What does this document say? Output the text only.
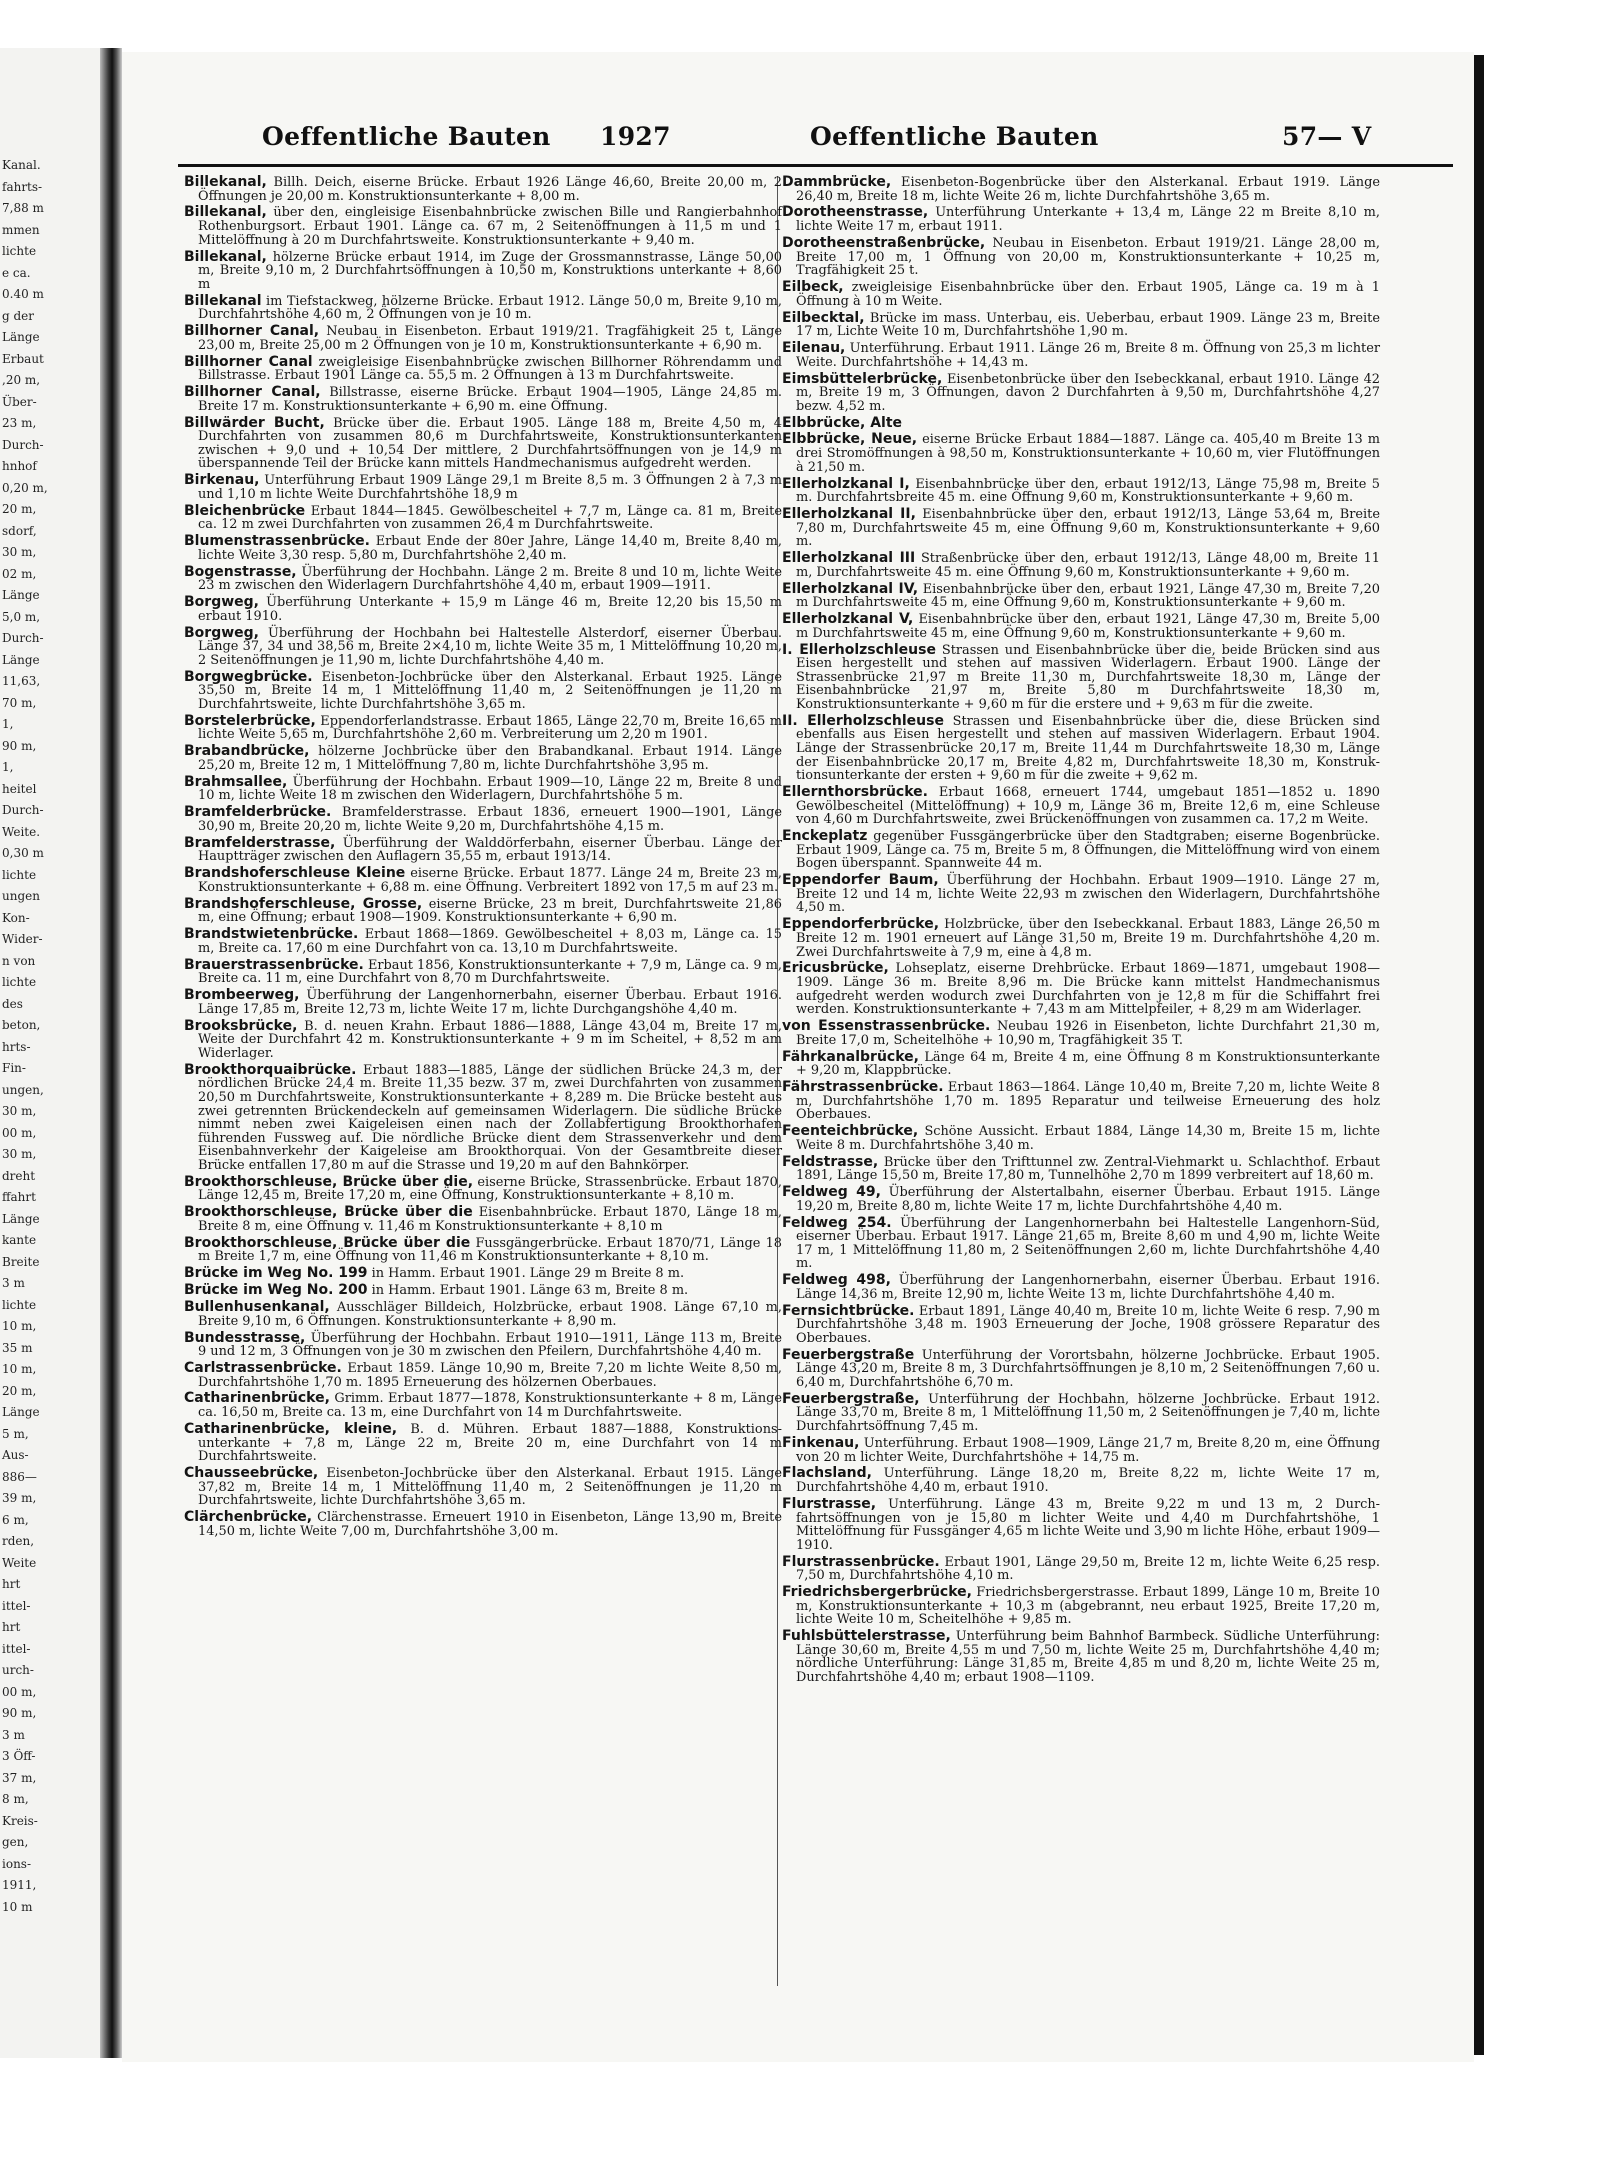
Kanal.
fahrts-
7,88 m
mmen
lichte
e ca.
0.40 m
g der
Länge
Erbaut
,20 m,
Über-
23 m,
Durch-
hnhof
0,20 m,
20 m,
sdorf,
30 m,
02 m,
Länge
5,0 m,
Durch-
Länge
11,63,
70 m,
1,
90 m,
1,
heitel
Durch-
Weite.
0,30 m
lichte
ungen
Kon-
Wider-
n von
lichte
des
beton,
hrts-
Fin-
ungen,
30 m,
00 m,
30 m,
dreht
ffahrt
Länge
kante
Breite
3 m
lichte
10 m,
35 m
10 m,
20 m,
Länge
5 m,
Aus-
886—
39 m,
6 m,
rden,
Weite
hrt
ittel-
hrt
ittel-
urch-
00 m,
90 m,
3 m
3 Öff-
37 m,
8 m,
Kreis-
gen,
ions-
1911,
10 m
Oeffentliche Bauten 1927	Oeffentliche Bauten	57— V

Billekanal, Billh. Deich, eiserne Brücke. Erbaut 1926 Länge 46,60, Breite 20,00 m, 2 Öffnungen je 20,00 m. Konstruktionsunterkante + 8,00 m.

Billekanal, über den, eingleisige Eisenbahnbrücke zwischen Bille und Rangierbahnhof Rothenburgsort. Erbaut 1901. Länge ca. 67 m, 2 Seitenöffnungen à 11,5 m und 1 Mittelöffnung à 20 m Durchfahrtsweite. Konstruktionsunterkante + 9,40 m.

Billekanal, hölzerne Brücke erbaut 1914, im Zuge der Grossmannstrasse, Länge 50,00 m, Breite 9,10 m, 2 Durchfahrtsöffnungen à 10,50 m, Konstruktions unterkante + 8,60 m

Billekanal im Tiefstackweg, hölzerne Brücke. Erbaut 1912. Länge 50,0 m, Breite 9,10 m, Durchfahrtshöhe 4,60 m, 2 Öffnungen von je 10 m.

Billhorner Canal, Neubau in Eisenbeton. Erbaut 1919/21. Tragfähigkeit 25 t, Länge 23,00 m, Breite 25,00 m 2 Öffnungen von je 10 m, Konstruktionsunterkante + 6,90 m.

Billhorner Canal zweigleisige Eisenbahnbrücke zwischen Billhorner Röhrendamm und Billstrasse. Erbaut 1901 Länge ca. 55,5 m. 2 Öffnungen à 13 m Durchfahrtsweite.

Billhorner Canal, Billstrasse, eiserne Brücke. Erbaut 1904—1905, Länge 24,85 m. Breite 17 m. Konstruktionsunterkante + 6,90 m. eine Öffnung.

Billwärder Bucht, Brücke über die. Erbaut 1905. Länge 188 m, Breite 4,50 m, 4 Durchfahrten von zusammen 80,6 m Durchfahrtsweite, Konstruktionsunterkanten zwischen + 9,0 und + 10,54 Der mittlere, 2 Durchfahrtsöffnungen von je 14,9 m überspannende Teil der Brücke kann mittels Handmechanismus aufgedreht werden.

Birkenau, Unterführung Erbaut 1909 Länge 29,1 m Breite 8,5 m. 3 Öffnungen 2 à 7,3 m und 1,10 m lichte Weite Durchfahrtshöhe 18,9 m

Bleichenbrücke Erbaut 1844—1845. Gewölbescheitel + 7,7 m, Länge ca. 81 m, Breite ca. 12 m zwei Durchfahrten von zusammen 26,4 m Durchfahrtsweite.

Blumenstrassenbrücke. Erbaut Ende der 80er Jahre, Länge 14,40 m, Breite 8,40 m, lichte Weite 3,30 resp. 5,80 m, Durchfahrtshöhe 2,40 m.

Bogenstrasse, Überführung der Hochbahn. Länge 2 m. Breite 8 und 10 m, lichte Weite 23 m zwischen den Widerlagern Durchfahrtshöhe 4,40 m, erbaut 1909—1911.

Borgweg, Überführung Unterkante + 15,9 m Länge 46 m, Breite 12,20 bis 15,50 m erbaut 1910.

Borgweg, Überführung der Hochbahn bei Haltestelle Alsterdorf, eiserner Überbau. Länge 37, 34 und 38,56 m, Breite 2×4,10 m, lichte Weite 35 m, 1 Mittelöffnung 10,20 m, 2 Seitenöffnungen je 11,90 m, lichte Durchfahrtshöhe 4,40 m.

Borgwegbrücke. Eisenbeton-Jochbrücke über den Alsterkanal. Erbaut 1925. Länge 35,50 m, Breite 14 m, 1 Mittelöffnung 11,40 m, 2 Seitenöffnungen je 11,20 m Durchfahrtsweite, lichte Durchfahrtshöhe 3,65 m.

Borstelerbrücke, Eppendorferlandstrasse. Erbaut 1865, Länge 22,70 m, Breite 16,65 m lichte Weite 5,65 m, Durchfahrtshöhe 2,60 m. Verbreiterung um 2,20 m 1901.

Brabandbrücke, hölzerne Jochbrücke über den Brabandkanal. Erbaut 1914. Länge 25,20 m, Breite 12 m, 1 Mittelöffnung 7,80 m, lichte Durchfahrtshöhe 3,95 m.

Brahmsallee, Überführung der Hochbahn. Erbaut 1909—10, Länge 22 m, Breite 8 und 10 m, lichte Weite 18 m zwischen den Widerlagern, Durchfahrtshöhe 5 m.

Bramfelderbrücke. Bramfelderstrasse. Erbaut 1836, erneuert 1900—1901, Länge 30,90 m, Breite 20,20 m, lichte Weite 9,20 m, Durchfahrtshöhe 4,15 m.

Bramfelderstrasse, Überführung der Walddörferbahn, eiserner Überbau. Länge der Hauptträger zwischen den Auflagern 35,55 m, erbaut 1913/14.

Brandshoferschleuse Kleine eiserne Brücke. Erbaut 1877. Länge 24 m, Breite 23 m, Konstruktionsunterkante + 6,88 m. eine Öffnung. Verbreitert 1892 von 17,5 m auf 23 m.

Brandshoferschleuse, Grosse, eiserne Brücke, 23 m breit, Durchfahrtsweite 21,86 m, eine Öffnung; erbaut 1908—1909. Konstruktionsunterkante + 6,90 m.

Brandstwietenbrücke. Erbaut 1868—1869. Gewölbescheitel + 8,03 m, Länge ca. 15 m, Breite ca. 17,60 m eine Durchfahrt von ca. 13,10 m Durchfahrtsweite.

Brauerstrassenbrücke. Erbaut 1856, Konstruktionsunterkante + 7,9 m, Länge ca. 9 m, Breite ca. 11 m, eine Durchfahrt von 8,70 m Durchfahrtsweite.

Brombeerweg, Überführung der Langenhornerbahn, eiserner Überbau. Erbaut 1916. Länge 17,85 m, Breite 12,73 m, lichte Weite 17 m, lichte Durchgangshöhe 4,40 m.

Brooksbrücke, B. d. neuen Krahn. Erbaut 1886—1888, Länge 43,04 m, Breite 17 m, Weite der Durchfahrt 42 m. Konstruktionsunterkante + 9 m im Scheitel, + 8,52 m am Widerlager.

Brookthorquaibrücke. Erbaut 1883—1885, Länge der südlichen Brücke 24,3 m, der nördlichen Brücke 24,4 m. Breite 11,35 bezw. 37 m, zwei Durchfahrten von zusammen 20,50 m Durchfahrtsweite, Konstruktionsunterkante + 8,289 m. Die Brücke besteht aus zwei getrennten Brückendeckeln auf gemeinsamen Widerlagern. Die südliche Brücke nimmt neben zwei Kaigeleisen einen nach der Zollabfertigung Brookthorhafen führenden Fussweg auf. Die nördliche Brücke dient dem Strassenverkehr und dem Eisenbahnverkehr der Kaigeleise am Brookthorquai. Von der Gesamtbreite dieser Brücke entfallen 17,80 m auf die Strasse und 19,20 m auf den Bahnkörper.

Brookthorschleuse, Brücke über die, eiserne Brücke, Strassenbrücke. Erbaut 1870, Länge 12,45 m, Breite 17,20 m, eine Öffnung, Konstruktionsunterkante + 8,10 m.

Brookthorschleuse, Brücke über die Eisenbahnbrücke. Erbaut 1870, Länge 18 m, Breite 8 m, eine Öffnung v. 11,46 m Konstruktionsunterkante + 8,10 m

Brookthorschleuse, Brücke über die Fussgängerbrücke. Erbaut 1870/71, Länge 18 m Breite 1,7 m, eine Öffnung von 11,46 m Konstruktionsunterkante + 8,10 m.

Brücke im Weg No. 199 in Hamm. Erbaut 1901. Länge 29 m Breite 8 m.

Brücke im Weg No. 200 in Hamm. Erbaut 1901. Länge 63 m, Breite 8 m.

Bullenhusenkanal, Ausschläger Billdeich, Holzbrücke, erbaut 1908. Länge 67,10 m, Breite 9,10 m, 6 Öffnungen. Konstruktionsunterkante + 8,90 m.

Bundesstrasse, Überführung der Hochbahn. Erbaut 1910—1911, Länge 113 m, Breite 9 und 12 m, 3 Öffnungen von je 30 m zwischen den Pfeilern, Durchfahrtshöhe 4,40 m.

Carlstrassenbrücke. Erbaut 1859. Länge 10,90 m, Breite 7,20 m lichte Weite 8,50 m, Durchfahrtshöhe 1,70 m. 1895 Erneuerung des hölzernen Oberbaues.

Catharinenbrücke, Grimm. Erbaut 1877—1878, Konstruktionsunterkante + 8 m, Länge ca. 16,50 m, Breite ca. 13 m, eine Durchfahrt von 14 m Durchfahrtsweite.

Catharinenbrücke, kleine, B. d. Mühren. Erbaut 1887—1888, Konstruktionsunterkante + 7,8 m, Länge 22 m, Breite 20 m, eine Durchfahrt von 14 m Durchfahrtsweite.

Chausseebrücke, Eisenbeton-Jochbrücke über den Alsterkanal. Erbaut 1915. Länge 37,82 m, Breite 14 m, 1 Mittelöffnung 11,40 m, 2 Seitenöffnungen je 11,20 m Durchfahrtsweite, lichte Durchfahrtshöhe 3,65 m.

Clärchenbrücke, Clärchenstrasse. Erneuert 1910 in Eisenbeton, Länge 13,90 m, Breite 14,50 m, lichte Weite 7,00 m, Durchfahrtshöhe 3,00 m.

Dammbrücke, Eisenbeton-Bogenbrücke über den Alsterkanal. Erbaut 1919. Länge 26,40 m, Breite 18 m, lichte Weite 26 m, lichte Durchfahrtshöhe 3,65 m.

Dorotheenstrasse, Unterführung Unterkante + 13,4 m, Länge 22 m Breite 8,10 m, lichte Weite 17 m, erbaut 1911.

Dorotheenstraßenbrücke, Neubau in Eisenbeton. Erbaut 1919/21. Länge 28,00 m, Breite 17,00 m, 1 Öffnung von 20,00 m, Konstruktionsunterkante + 10,25 m, Tragfähigkeit 25 t.

Eilbeck, zweigleisige Eisenbahnbrücke über den. Erbaut 1905, Länge ca. 19 m à 1 Öffnung à 10 m Weite.

Eilbecktal, Brücke im mass. Unterbau, eis. Ueberbau, erbaut 1909. Länge 23 m, Breite 17 m, Lichte Weite 10 m, Durchfahrtshöhe 1,90 m.

Eilenau, Unterführung. Erbaut 1911. Länge 26 m, Breite 8 m. Öffnung von 25,3 m lichter Weite. Durchfahrtshöhe + 14,43 m.

Eimsbüttelerbrücke, Eisenbetonbrücke über den Isebeckkanal, erbaut 1910. Länge 42 m, Breite 19 m, 3 Öffnungen, davon 2 Durchfahrten à 9,50 m, Durchfahrtshöhe 4,27 bezw. 4,52 m.

Elbbrücke, Alte

Elbbrücke, Neue, eiserne Brücke Erbaut 1884—1887. Länge ca. 405,40 m Breite 13 m drei Stromöffnungen à 98,50 m, Konstruktionsunterkante + 10,60 m, vier Flutöffnungen à 21,50 m.

Ellerholzkanal I, Eisenbahnbrücke über den, erbaut 1912/13, Länge 75,98 m, Breite 5 m. Durchfahrtsbreite 45 m. eine Öffnung 9,60 m, Konstruktionsunterkante + 9,60 m.

Ellerholzkanal II, Eisenbahnbrücke über den, erbaut 1912/13, Länge 53,64 m, Breite 7,80 m, Durchfahrtsweite 45 m, eine Öffnung 9,60 m, Konstruktionsunterkante + 9,60 m.

Ellerholzkanal III Straßenbrücke über den, erbaut 1912/13, Länge 48,00 m, Breite 11 m, Durchfahrtsweite 45 m. eine Öffnung 9,60 m, Konstruktionsunterkante + 9,60 m.

Ellerholzkanal IV, Eisenbahnbrücke über den, erbaut 1921, Länge 47,30 m, Breite 7,20 m Durchfahrtsweite 45 m, eine Öffnung 9,60 m, Konstruktionsunterkante + 9,60 m.

Ellerholzkanal V, Eisenbahnbrücke über den, erbaut 1921, Länge 47,30 m, Breite 5,00 m Durchfahrtsweite 45 m, eine Öffnung 9,60 m, Konstruktionsunterkante + 9,60 m.

I. Ellerholzschleuse Strassen und Eisenbahnbrücke über die, beide Brücken sind aus Eisen hergestellt und stehen auf massiven Widerlagern. Erbaut 1900. Länge der Strassenbrücke 21,97 m Breite 11,30 m, Durchfahrtsweite 18,30 m, Länge der Eisenbahnbrücke 21,97 m, Breite 5,80 m Durchfahrtsweite 18,30 m, Konstruktionsunterkante + 9,60 m für die erstere und + 9,63 m für die zweite.

II. Ellerholzschleuse Strassen und Eisenbahnbrücke über die, diese Brücken sind ebenfalls aus Eisen hergestellt und stehen auf massiven Widerlagern. Erbaut 1904. Länge der Strassenbrücke 20,17 m, Breite 11,44 m Durchfahrtsweite 18,30 m, Länge der Eisenbahnbrücke 20,17 m, Breite 4,82 m, Durchfahrtsweite 18,30 m, Konstruktionsunterkante der ersten + 9,60 m für die zweite + 9,62 m.

Ellernthorsbrücke. Erbaut 1668, erneuert 1744, umgebaut 1851—1852 u. 1890 Gewölbescheitel (Mittelöffnung) + 10,9 m, Länge 36 m, Breite 12,6 m, eine Schleuse von 4,60 m Durchfahrtsweite, zwei Brückenöffnungen von zusammen ca. 17,2 m Weite.

Enckeplatz gegenüber Fussgängerbrücke über den Stadtgraben; eiserne Bogenbrücke. Erbaut 1909, Länge ca. 75 m, Breite 5 m, 8 Öffnungen, die Mittelöffnung wird von einem Bogen überspannt. Spannweite 44 m.

Eppendorfer Baum, Überführung der Hochbahn. Erbaut 1909—1910. Länge 27 m, Breite 12 und 14 m, lichte Weite 22,93 m zwischen den Widerlagern, Durchfahrtshöhe 4,50 m.

Eppendorferbrücke, Holzbrücke, über den Isebeckkanal. Erbaut 1883, Länge 26,50 m Breite 12 m. 1901 erneuert auf Länge 31,50 m, Breite 19 m. Durchfahrtshöhe 4,20 m. Zwei Durchfahrtsweite à 7,9 m, eine à 4,8 m.

Ericusbrücke, Lohseplatz, eiserne Drehbrücke. Erbaut 1869—1871, umgebaut 1908—1909. Länge 36 m. Breite 8,96 m. Die Brücke kann mittelst Handmechanismus aufgedreht werden wodurch zwei Durchfahrten von je 12,8 m für die Schiffahrt frei werden. Konstruktionsunterkante + 7,43 m am Mittelpfeiler, + 8,29 m am Widerlager.

von Essenstrassenbrücke. Neubau 1926 in Eisenbeton, lichte Durchfahrt 21,30 m, Breite 17,0 m, Scheitelhöhe + 10,90 m, Tragfähigkeit 35 T.

Fährkanalbrücke, Länge 64 m, Breite 4 m, eine Öffnung 8 m Konstruktionsunterkante + 9,20 m, Klappbrücke.

Fährstrassenbrücke. Erbaut 1863—1864. Länge 10,40 m, Breite 7,20 m, lichte Weite 8 m, Durchfahrtshöhe 1,70 m. 1895 Reparatur und teilweise Erneuerung des holz Oberbaues.

Feenteichbrücke, Schöne Aussicht. Erbaut 1884, Länge 14,30 m, Breite 15 m, lichte Weite 8 m. Durchfahrtshöhe 3,40 m.

Feldstrasse, Brücke über den Trifttunnel zw. Zentral-Viehmarkt u. Schlachthof. Erbaut 1891, Länge 15,50 m, Breite 17,80 m, Tunnelhöhe 2,70 m 1899 verbreitert auf 18,60 m.

Feldweg 49, Überführung der Alstertalbahn, eiserner Überbau. Erbaut 1915. Länge 19,20 m, Breite 8,80 m, lichte Weite 17 m, lichte Durchfahrtshöhe 4,40 m.

Feldweg 254. Überführung der Langenhornerbahn bei Haltestelle Langenhorn-Süd, eiserner Überbau. Erbaut 1917. Länge 21,65 m, Breite 8,60 m und 4,90 m, lichte Weite 17 m, 1 Mittelöffnung 11,80 m, 2 Seitenöffnungen 2,60 m, lichte Durchfahrtshöhe 4,40 m.

Feldweg 498, Überführung der Langenhornerbahn, eiserner Überbau. Erbaut 1916. Länge 14,36 m, Breite 12,90 m, lichte Weite 13 m, lichte Durchfahrtshöhe 4,40 m.

Fernsichtbrücke. Erbaut 1891, Länge 40,40 m, Breite 10 m, lichte Weite 6 resp. 7,90 m Durchfahrtshöhe 3,48 m. 1903 Erneuerung der Joche, 1908 grössere Reparatur des Oberbaues.

Feuerbergstraße Unterführung der Vorortsbahn, hölzerne Jochbrücke. Erbaut 1905. Länge 43,20 m, Breite 8 m, 3 Durchfahrtsöffnungen je 8,10 m, 2 Seitenöffnungen 7,60 u. 6,40 m, Durchfahrtshöhe 6,70 m.

Feuerbergstraße, Unterführung der Hochbahn, hölzerne Jochbrücke. Erbaut 1912. Länge 33,70 m, Breite 8 m, 1 Mittelöffnung 11,50 m, 2 Seitenöffnungen je 7,40 m, lichte Durchfahrtsöffnung 7,45 m.

Finkenau, Unterführung. Erbaut 1908—1909, Länge 21,7 m, Breite 8,20 m, eine Öffnung von 20 m lichter Weite, Durchfahrtshöhe + 14,75 m.

Flachsland, Unterführung. Länge 18,20 m, Breite 8,22 m, lichte Weite 17 m, Durchfahrtshöhe 4,40 m, erbaut 1910.

Flurstrasse, Unterführung. Länge 43 m, Breite 9,22 m und 13 m, 2 Durchfahrtsöffnungen von je 15,80 m lichter Weite und 4,40 m Durchfahrtshöhe, 1 Mittelöffnung für Fussgänger 4,65 m lichte Weite und 3,90 m lichte Höhe, erbaut 1909—1910.

Flurstrassenbrücke. Erbaut 1901, Länge 29,50 m, Breite 12 m, lichte Weite 6,25 resp. 7,50 m, Durchfahrtshöhe 4,10 m.

Friedrichsbergerbrücke, Friedrichsbergerstrasse. Erbaut 1899, Länge 10 m, Breite 10 m, Konstruktionsunterkante + 10,3 m (abgebrannt, neu erbaut 1925, Breite 17,20 m, lichte Weite 10 m, Scheitelhöhe + 9,85 m.

Fuhlsbüttelerstrasse, Unterführung beim Bahnhof Barmbeck. Südliche Unterführung: Länge 30,60 m, Breite 4,55 m und 7,50 m, lichte Weite 25 m, Durchfahrtshöhe 4,40 m; nördliche Unterführung: Länge 31,85 m, Breite 4,85 m und 8,20 m, lichte Weite 25 m, Durchfahrtshöhe 4,40 m; erbaut 1908—1109.
